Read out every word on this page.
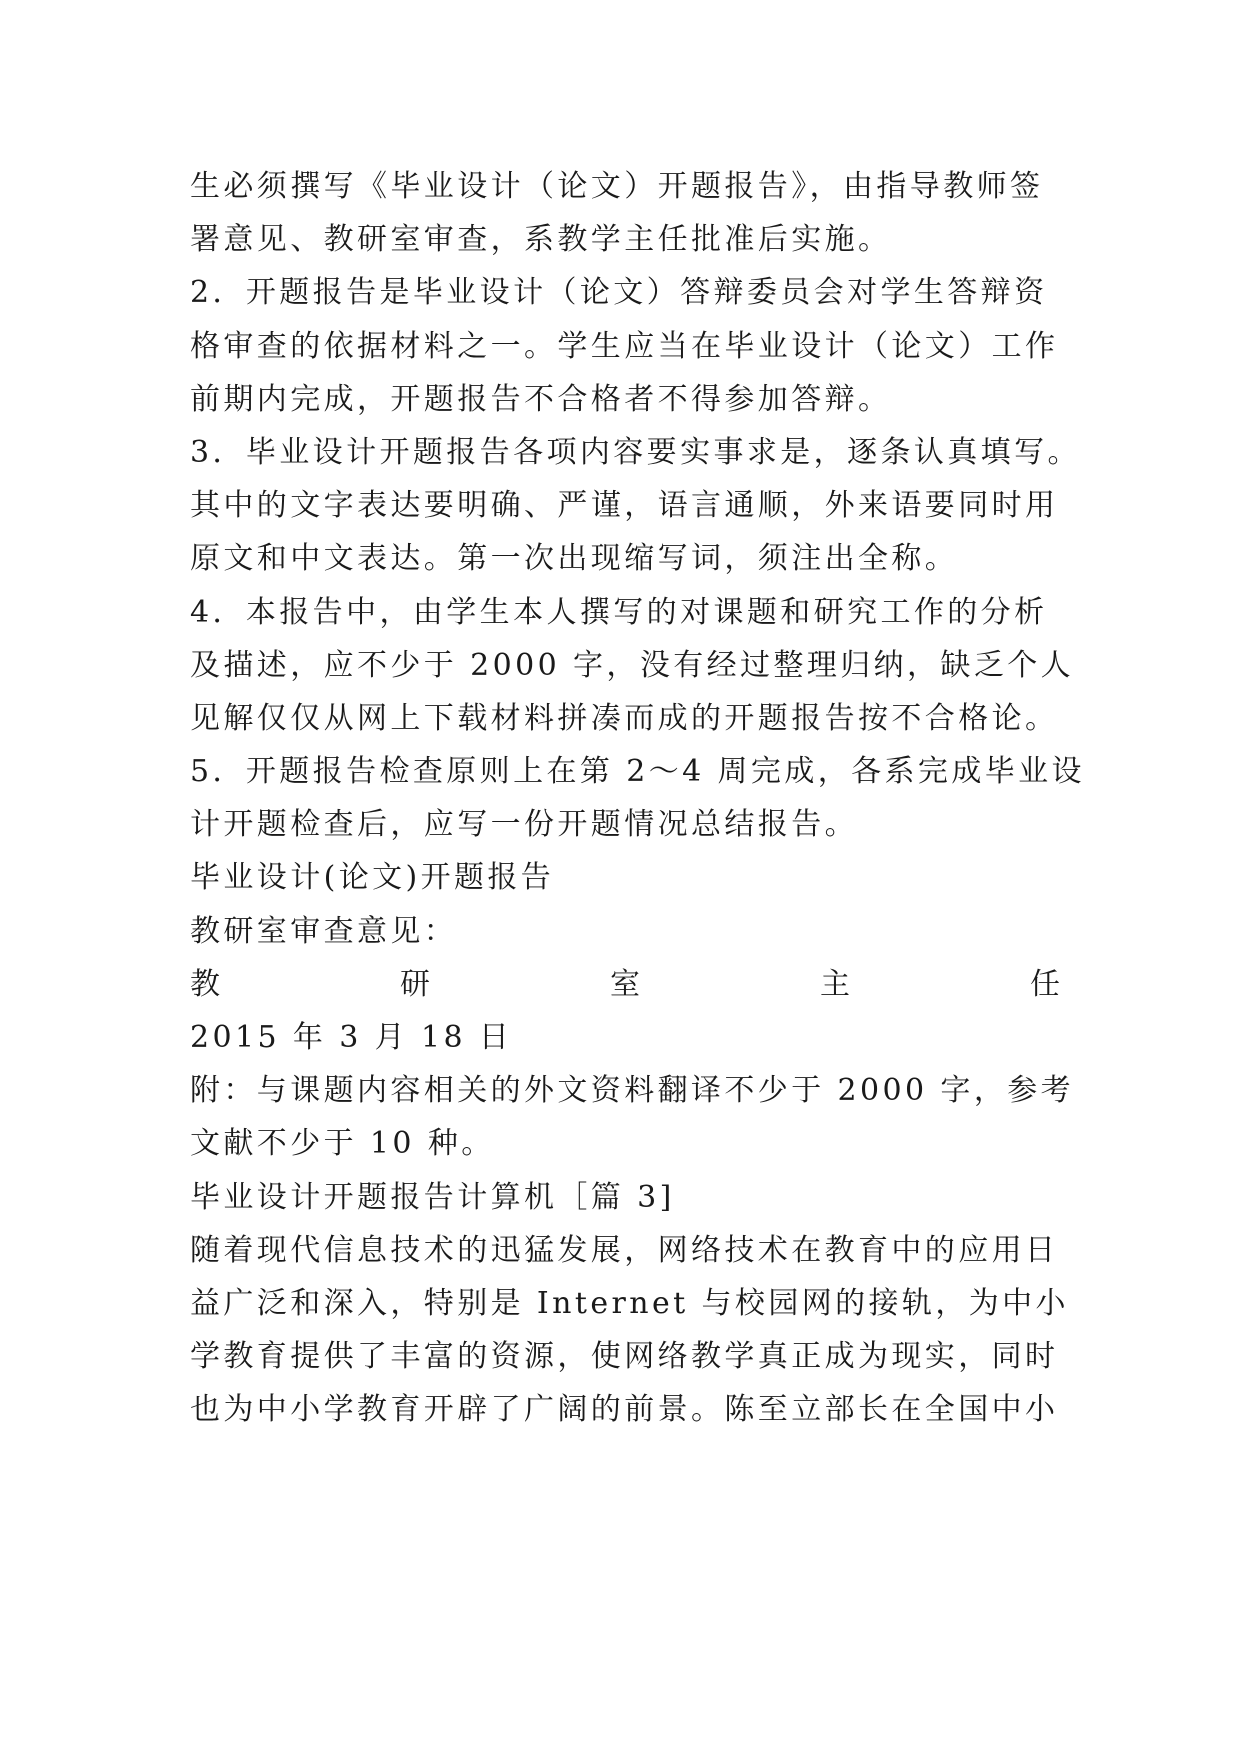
生必须撰写《毕业设计（论文）开题报告》，由指导教师签
署意见、教研室审查，系教学主任批准后实施。
2．开题报告是毕业设计（论文）答辩委员会对学生答辩资
格审查的依据材料之一。学生应当在毕业设计（论文）工作
前期内完成，开题报告不合格者不得参加答辩。
3．毕业设计开题报告各项内容要实事求是，逐条认真填写。
其中的文字表达要明确、严谨，语言通顺，外来语要同时用
原文和中文表达。第一次出现缩写词，须注出全称。
4．本报告中，由学生本人撰写的对课题和研究工作的分析
及描述，应不少于 2000 字，没有经过整理归纳，缺乏个人
见解仅仅从网上下载材料拼凑而成的开题报告按不合格论。
5．开题报告检查原则上在第 2～4 周完成，各系完成毕业设
计开题检查后，应写一份开题情况总结报告。
毕业设计(论文)开题报告
教研室审查意见：
教	研	室	主	任
2015 年 3 月 18 日
附：与课题内容相关的外文资料翻译不少于 2000 字，参考
文献不少于 10 种。
毕业设计开题报告计算机［篇 3]
随着现代信息技术的迅猛发展，网络技术在教育中的应用日
益广泛和深入，特别是 Internet 与校园网的接轨，为中小
学教育提供了丰富的资源，使网络教学真正成为现实，同时
也为中小学教育开辟了广阔的前景。陈至立部长在全国中小
